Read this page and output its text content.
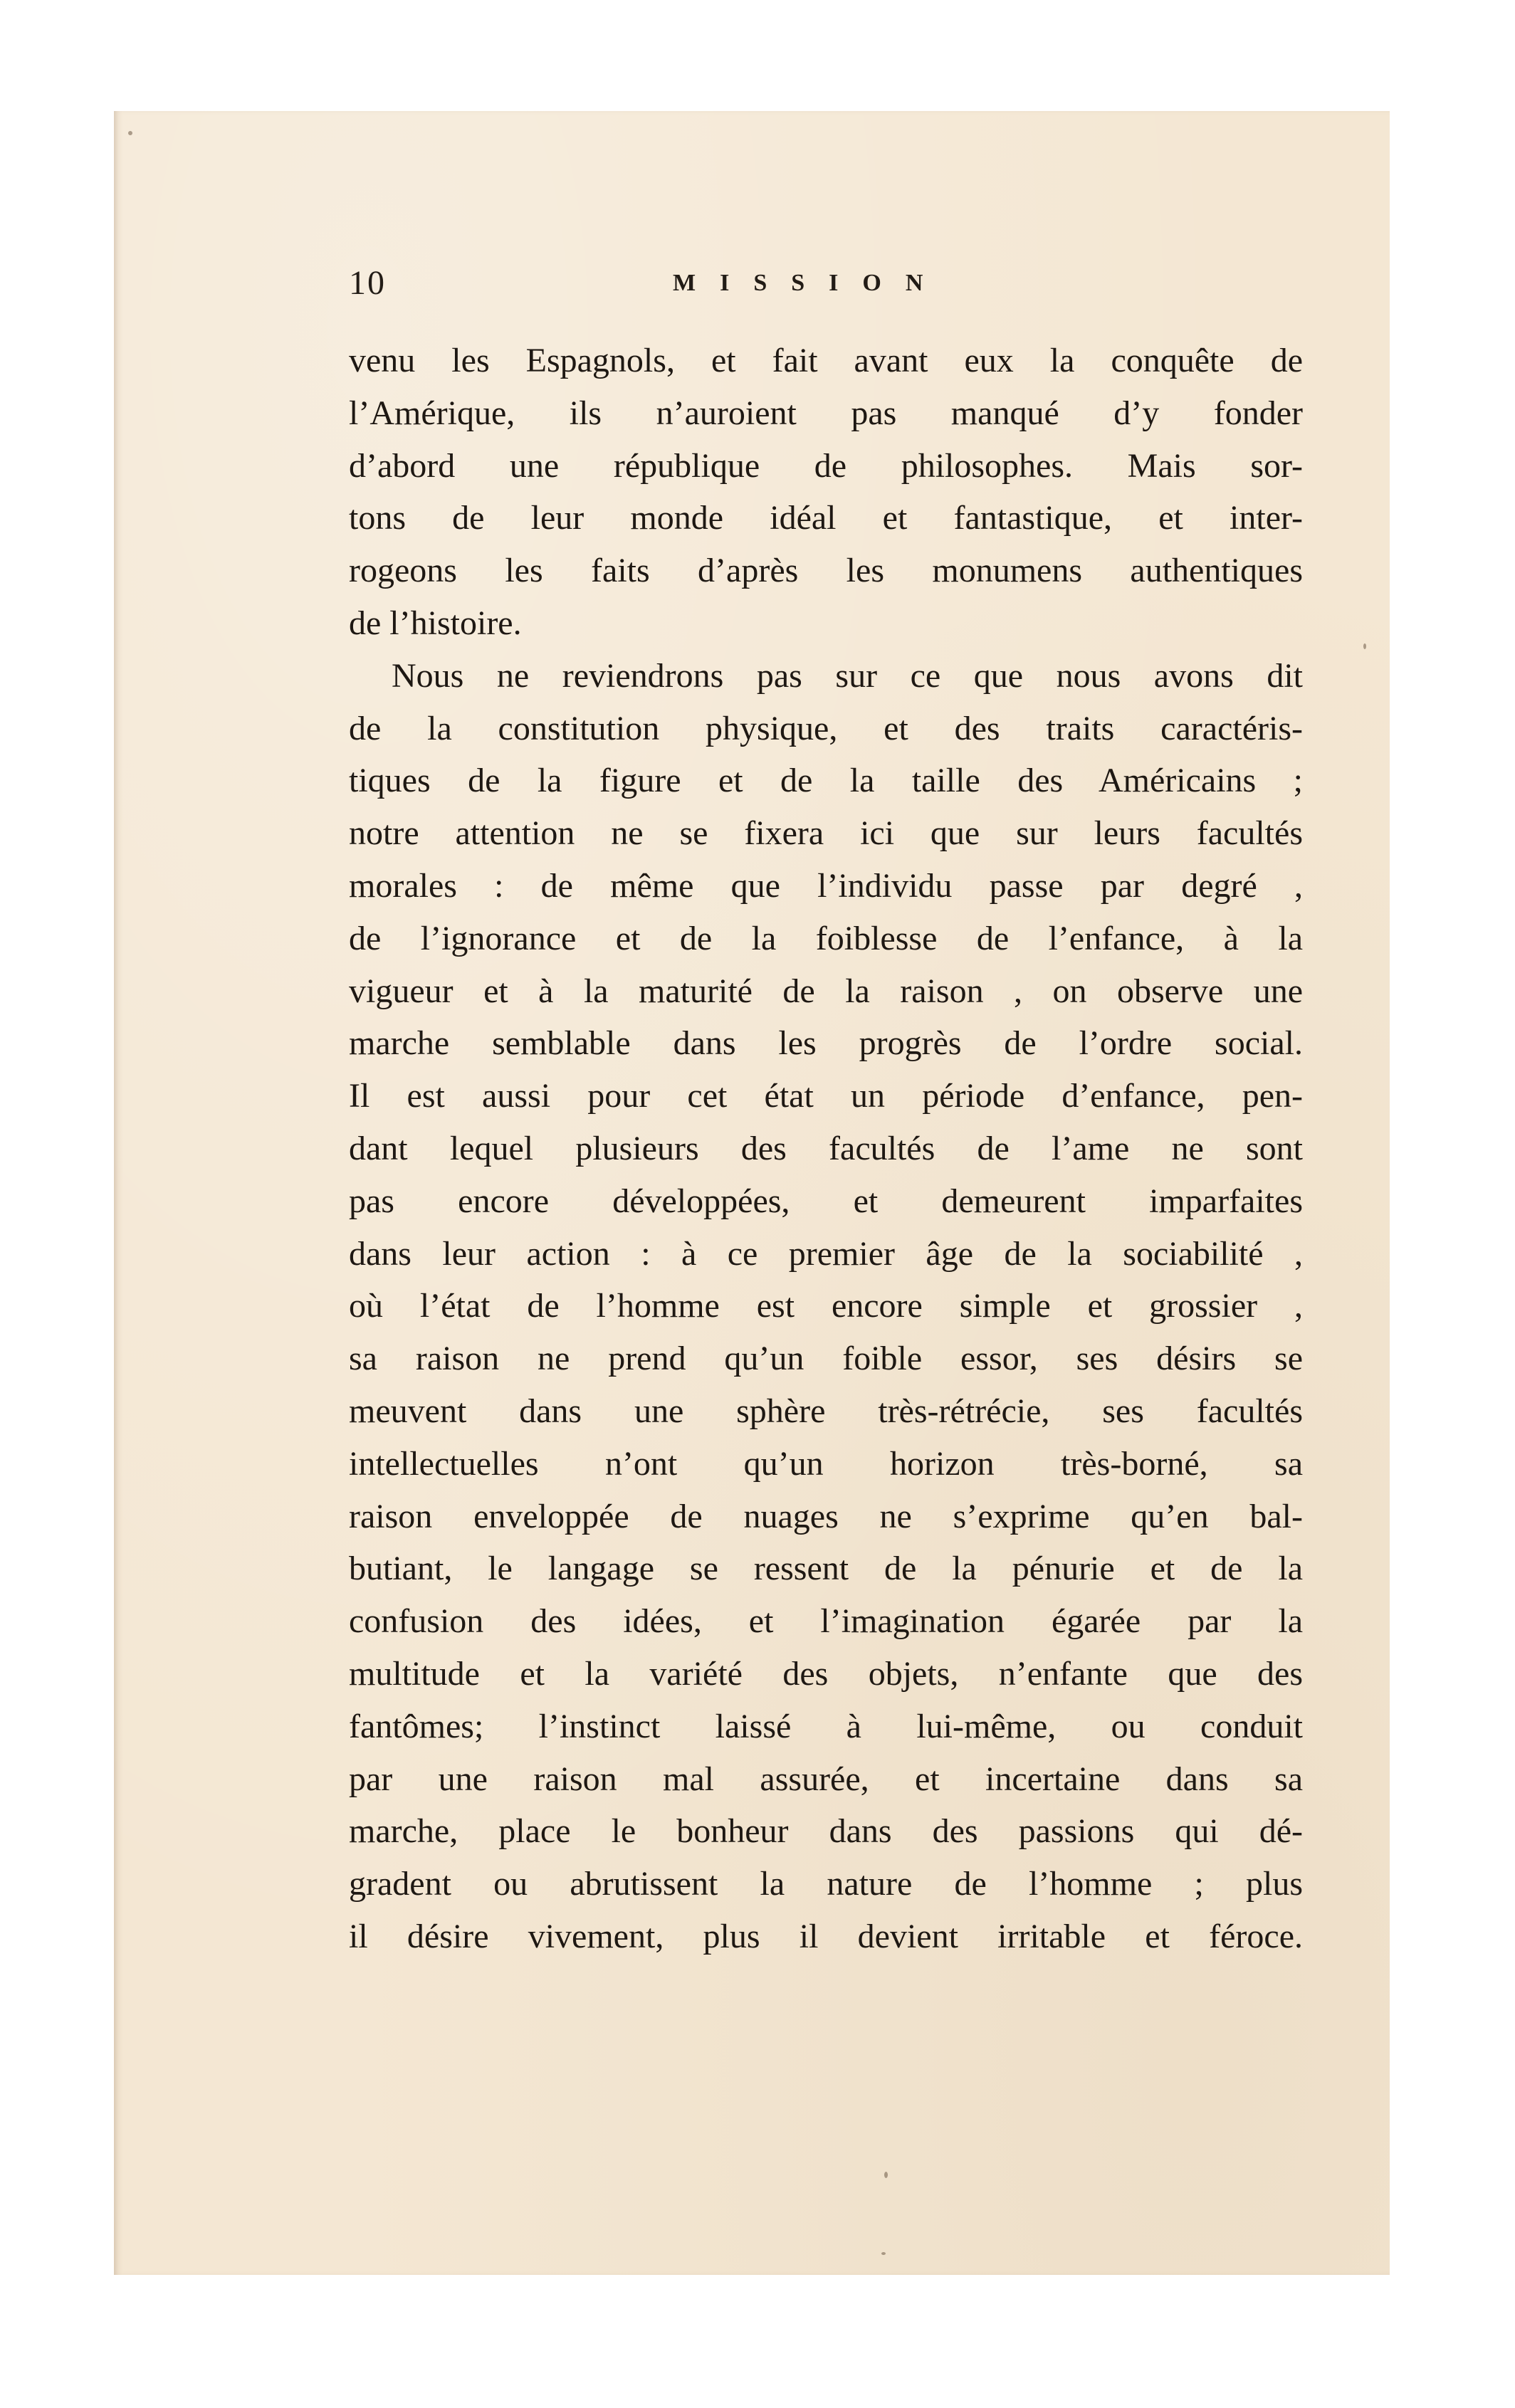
10	MISSION
venu les Espagnols, et fait avant eux la conquête de
l’Amérique, ils n’auroient pas manqué d’y fonder
d’abord une république de philosophes. Mais sor-
tons de leur monde idéal et fantastique, et inter-
rogeons les faits d’après les monumens authentiques
de l’histoire.
Nous ne reviendrons pas sur ce que nous avons dit
de la constitution physique, et des traits caractéris-
tiques de la figure et de la taille des Américains ;
notre attention ne se fixera ici que sur leurs facultés
morales : de même que l’individu passe par degré ,
de l’ignorance et de la foiblesse de l’enfance, à la
vigueur et à la maturité de la raison , on observe une
marche semblable dans les progrès de l’ordre social.
Il est aussi pour cet état un période d’enfance, pen-
dant lequel plusieurs des facultés de l’ame ne sont
pas encore développées, et demeurent imparfaites
dans leur action : à ce premier âge de la sociabilité ,
où l’état de l’homme est encore simple et grossier ,
sa raison ne prend qu’un foible essor, ses désirs se
meuvent dans une sphère très-rétrécie, ses facultés
intellectuelles n’ont qu’un horizon très-borné, sa
raison enveloppée de nuages ne s’exprime qu’en bal-
butiant, le langage se ressent de la pénurie et de la
confusion des idées, et l’imagination égarée par la
multitude et la variété des objets, n’enfante que des
fantômes; l’instinct laissé à lui-même, ou conduit
par une raison mal assurée, et incertaine dans sa
marche, place le bonheur dans des passions qui dé-
gradent ou abrutissent la nature de l’homme ; plus
il désire vivement, plus il devient irritable et féroce.
